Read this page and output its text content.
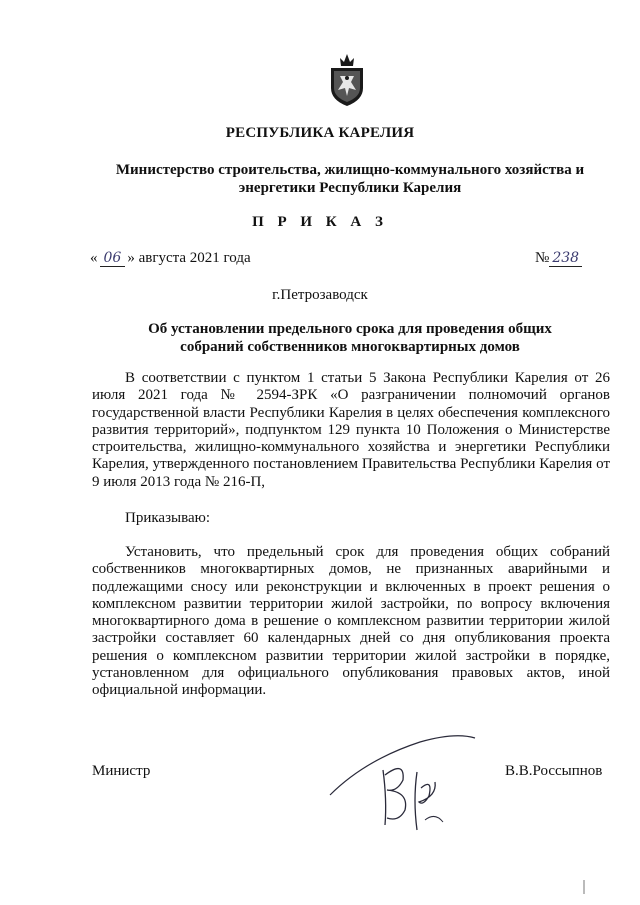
РЕСПУБЛИКА КАРЕЛИЯ
Министерство строительства, жилищно-коммунального хозяйства и энергетики Республики Карелия
П Р И К А З
« 06 » августа 2021 года	№ 238
г.Петрозаводск
Об установлении предельного срока для проведения общих собраний собственников многоквартирных домов

В соответствии с пунктом 1 статьи 5 Закона Республики Карелия от 26 июля 2021 года № 2594-ЗРК «О разграничении полномочий органов государственной власти Республики Карелия в целях обеспечения комплексного развития территорий», подпунктом 129 пункта 10 Положения о Министерстве строительства, жилищно-коммунального хозяйства и энергетики Республики Карелия, утвержденного постановлением Правительства Республики Карелия от 9 июля 2013 года № 216-П,

Приказываю:

Установить, что предельный срок для проведения общих собраний собственников многоквартирных домов, не признанных аварийными и подлежащими сносу или реконструкции и включенных в проект решения о комплексном развитии территории жилой застройки, по вопросу включения многоквартирного дома в решение о комплексном развитии территории жилой застройки составляет 60 календарных дней со дня опубликования проекта решения о комплексном развитии территории жилой застройки в порядке, установленном для официального опубликования правовых актов, иной официальной информации.

Министр	В.В.Россыпнов
